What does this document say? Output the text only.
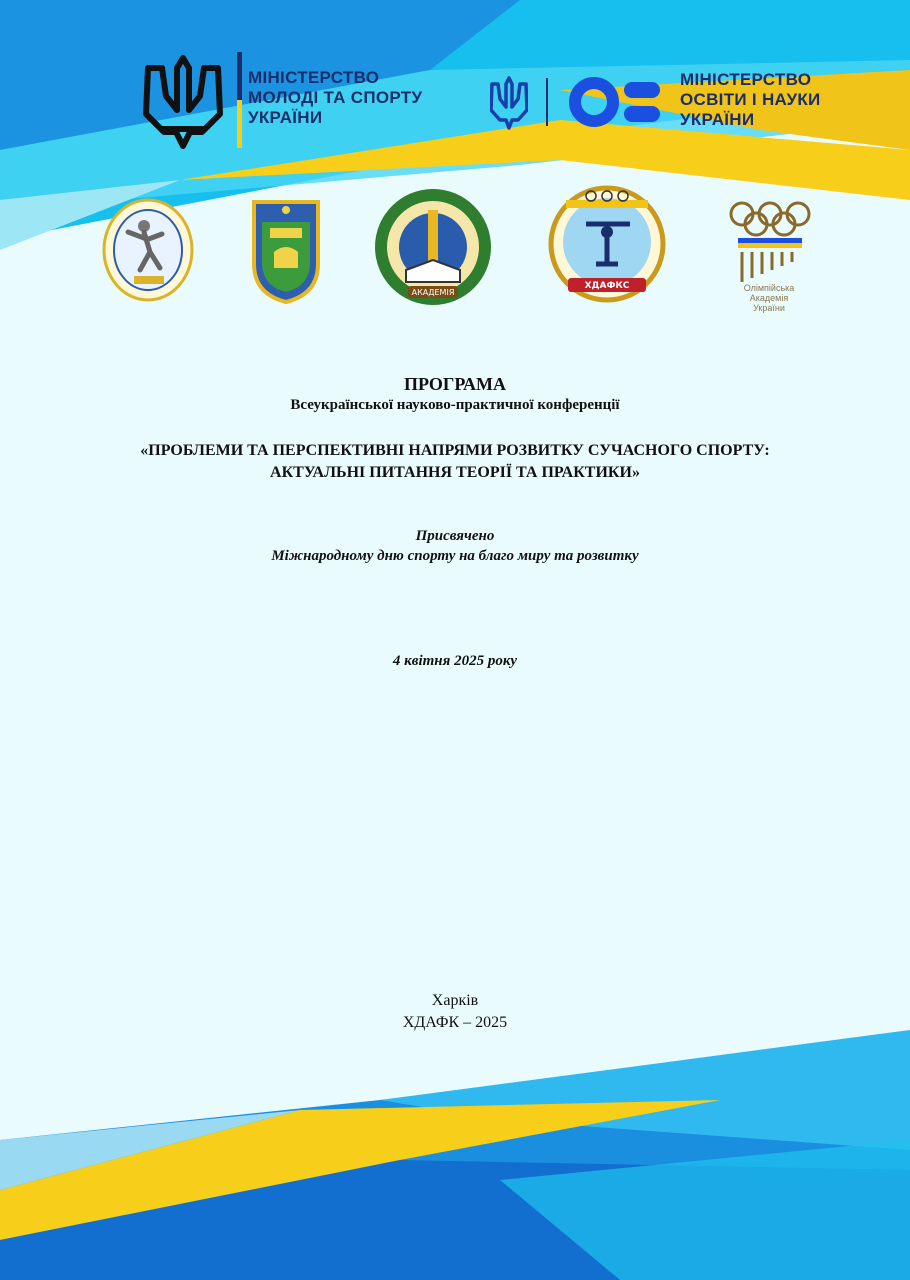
МІНІСТЕРСТВО
МОЛОДІ ТА СПОРТУ
УКРАЇНИ
МІНІСТЕРСТВО
ОСВІТИ І НАУКИ
УКРАЇНИ
АКАДЕМІЯ
ХДАФКС	Олімпійська
Академія
України
ПРОГРАМА
Всеукраїнської науково-практичної конференції
«ПРОБЛЕМИ ТА ПЕРСПЕКТИВНІ НАПРЯМИ РОЗВИТКУ СУЧАСНОГО СПОРТУ:
АКТУАЛЬНІ ПИТАННЯ ТЕОРІЇ ТА ПРАКТИКИ»
Присвячено
Міжнародному дню спорту на благо миру та розвитку
4 квітня 2025 року
Харків
ХДАФК – 2025
